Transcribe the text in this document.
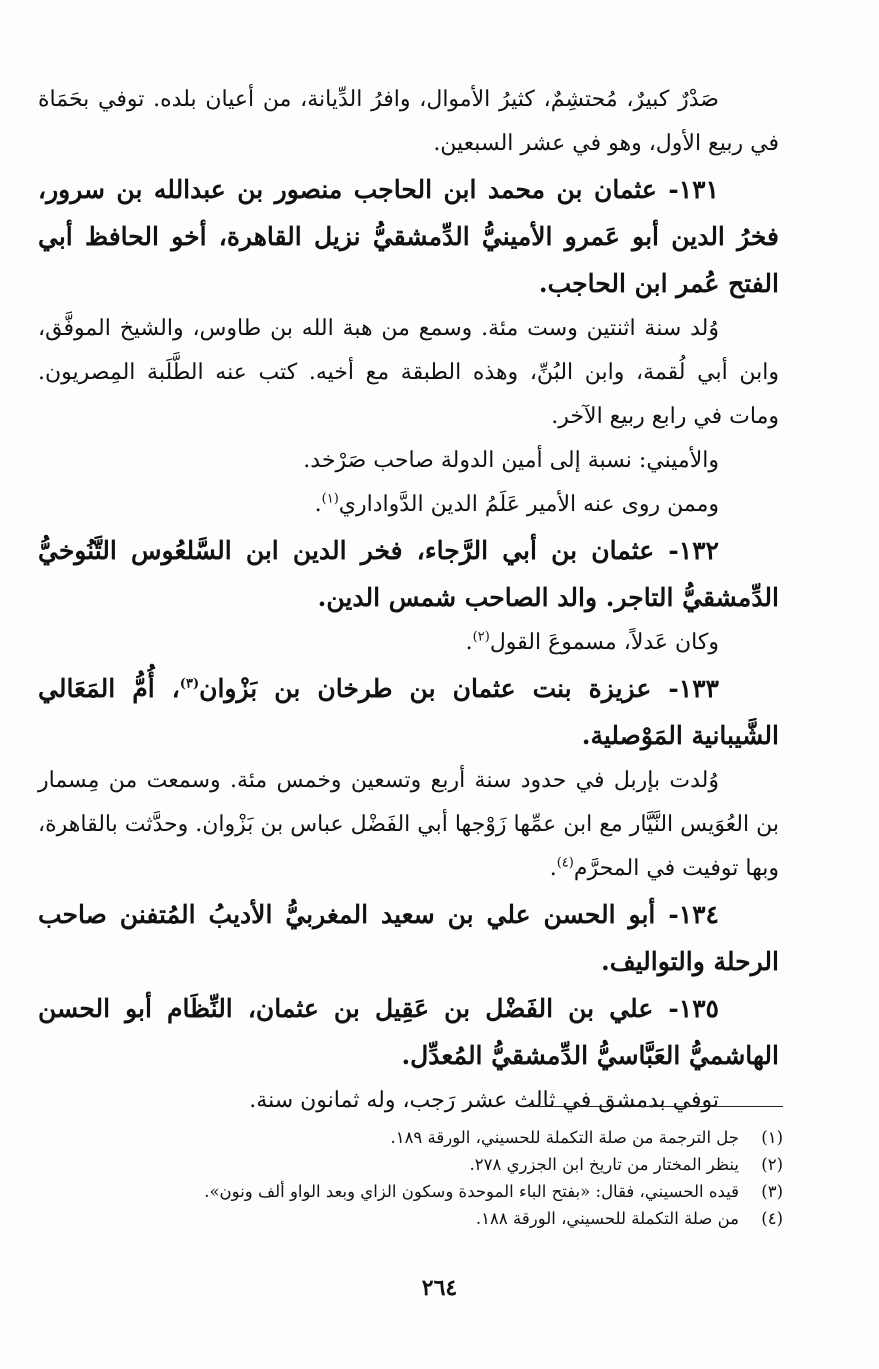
صَدْرٌ كبيرٌ، مُحتشِمٌ، كثيرُ الأموال، وافرُ الدِّيانة، من أعيان بلده. توفي بحَمَاة في ربيع الأول، وهو في عشر السبعين.

١٣١- عثمان بن محمد ابن الحاجب منصور بن عبدالله بن سرور، فخرُ الدين أبو عَمرو الأمينيُّ الدِّمشقيُّ نزيل القاهرة، أخو الحافظ أبي الفتح عُمر ابن الحاجب.

وُلد سنة اثنتين وست مئة. وسمع من هبة الله بن طاوس، والشيخ الموفَّق، وابن أبي لُقمة، وابن البُنِّ، وهذه الطبقة مع أخيه. كتب عنه الطَّلَبة المِصريون. ومات في رابع ربيع الآخر.

والأميني: نسبة إلى أمين الدولة صاحب صَرْخد.

وممن روى عنه الأمير عَلَمُ الدين الدَّواداري$^{(١)}$.

١٣٢- عثمان بن أبي الرَّجاء، فخر الدين ابن السَّلعُوس التَّنُوخيُّ الدِّمشقيُّ التاجر. والد الصاحب شمس الدين.

وكان عَدلاً، مسموعَ القول$^{(٢)}$.

١٣٣- عزيزة بنت عثمان بن طرخان بن بَزْوان$^{(٣)}$، أُمُّ المَعَالي الشَّيبانية المَوْصلية.

وُلدت بإربل في حدود سنة أربع وتسعين وخمس مئة. وسمعت من مِسمار بن العُوَيس النَّيَّار مع ابن عمِّها زَوْجها أبي الفَضْل عباس بن بَزْوان. وحدَّثت بالقاهرة، وبها توفيت في المحرَّم$^{(٤)}$.

١٣٤- أبو الحسن علي بن سعيد المغربيُّ الأديبُ المُتفنن صاحب الرحلة والتواليف.

١٣٥- علي بن الفَضْل بن عَقِيل بن عثمان، النِّظَام أبو الحسن الهاشميُّ العَبَّاسيُّ الدِّمشقيُّ المُعدِّل.

توفي بدمشق في ثالث عشر رَجب، وله ثمانون سنة.

(١)جل الترجمة من صلة التكملة للحسيني، الورقة ١٨٩.

(٢)ينظر المختار من تاريخ ابن الجزري ٢٧٨.

(٣)قيده الحسيني، فقال: «بفتح الباء الموحدة وسكون الزاي وبعد الواو ألف ونون».

(٤)من صلة التكملة للحسيني، الورقة ١٨٨.

٢٦٤
